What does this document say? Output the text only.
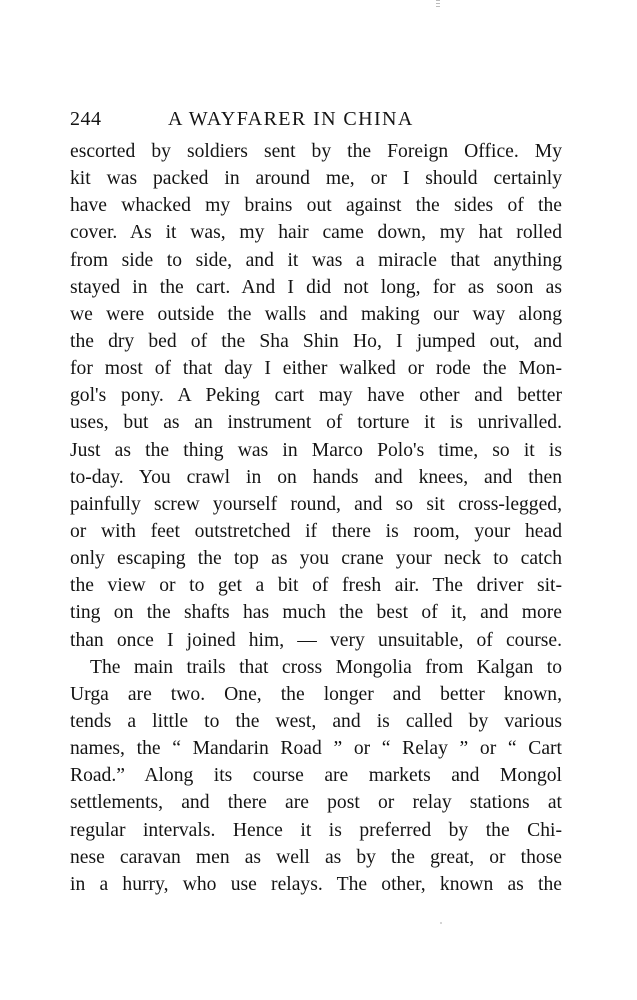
244	A WAYFARER IN CHINA
escorted by soldiers sent by the Foreign Office. My
kit was packed in around me, or I should certainly
have whacked my brains out against the sides of the
cover. As it was, my hair came down, my hat rolled
from side to side, and it was a miracle that anything
stayed in the cart. And I did not long, for as soon as
we were outside the walls and making our way along
the dry bed of the Sha Shin Ho, I jumped out, and
for most of that day I either walked or rode the Mon-
gol's pony. A Peking cart may have other and better
uses, but as an instrument of torture it is unrivalled.
Just as the thing was in Marco Polo's time, so it is
to-day. You crawl in on hands and knees, and then
painfully screw yourself round, and so sit cross-legged,
or with feet outstretched if there is room, your head
only escaping the top as you crane your neck to catch
the view or to get a bit of fresh air. The driver sit-
ting on the shafts has much the best of it, and more
than once I joined him, — very unsuitable, of course.
The main trails that cross Mongolia from Kalgan to
Urga are two. One, the longer and better known,
tends a little to the west, and is called by various
names, the “ Mandarin Road ” or “ Relay ” or “ Cart
Road.” Along its course are markets and Mongol
settlements, and there are post or relay stations at
regular intervals. Hence it is preferred by the Chi-
nese caravan men as well as by the great, or those
in a hurry, who use relays. The other, known as the
